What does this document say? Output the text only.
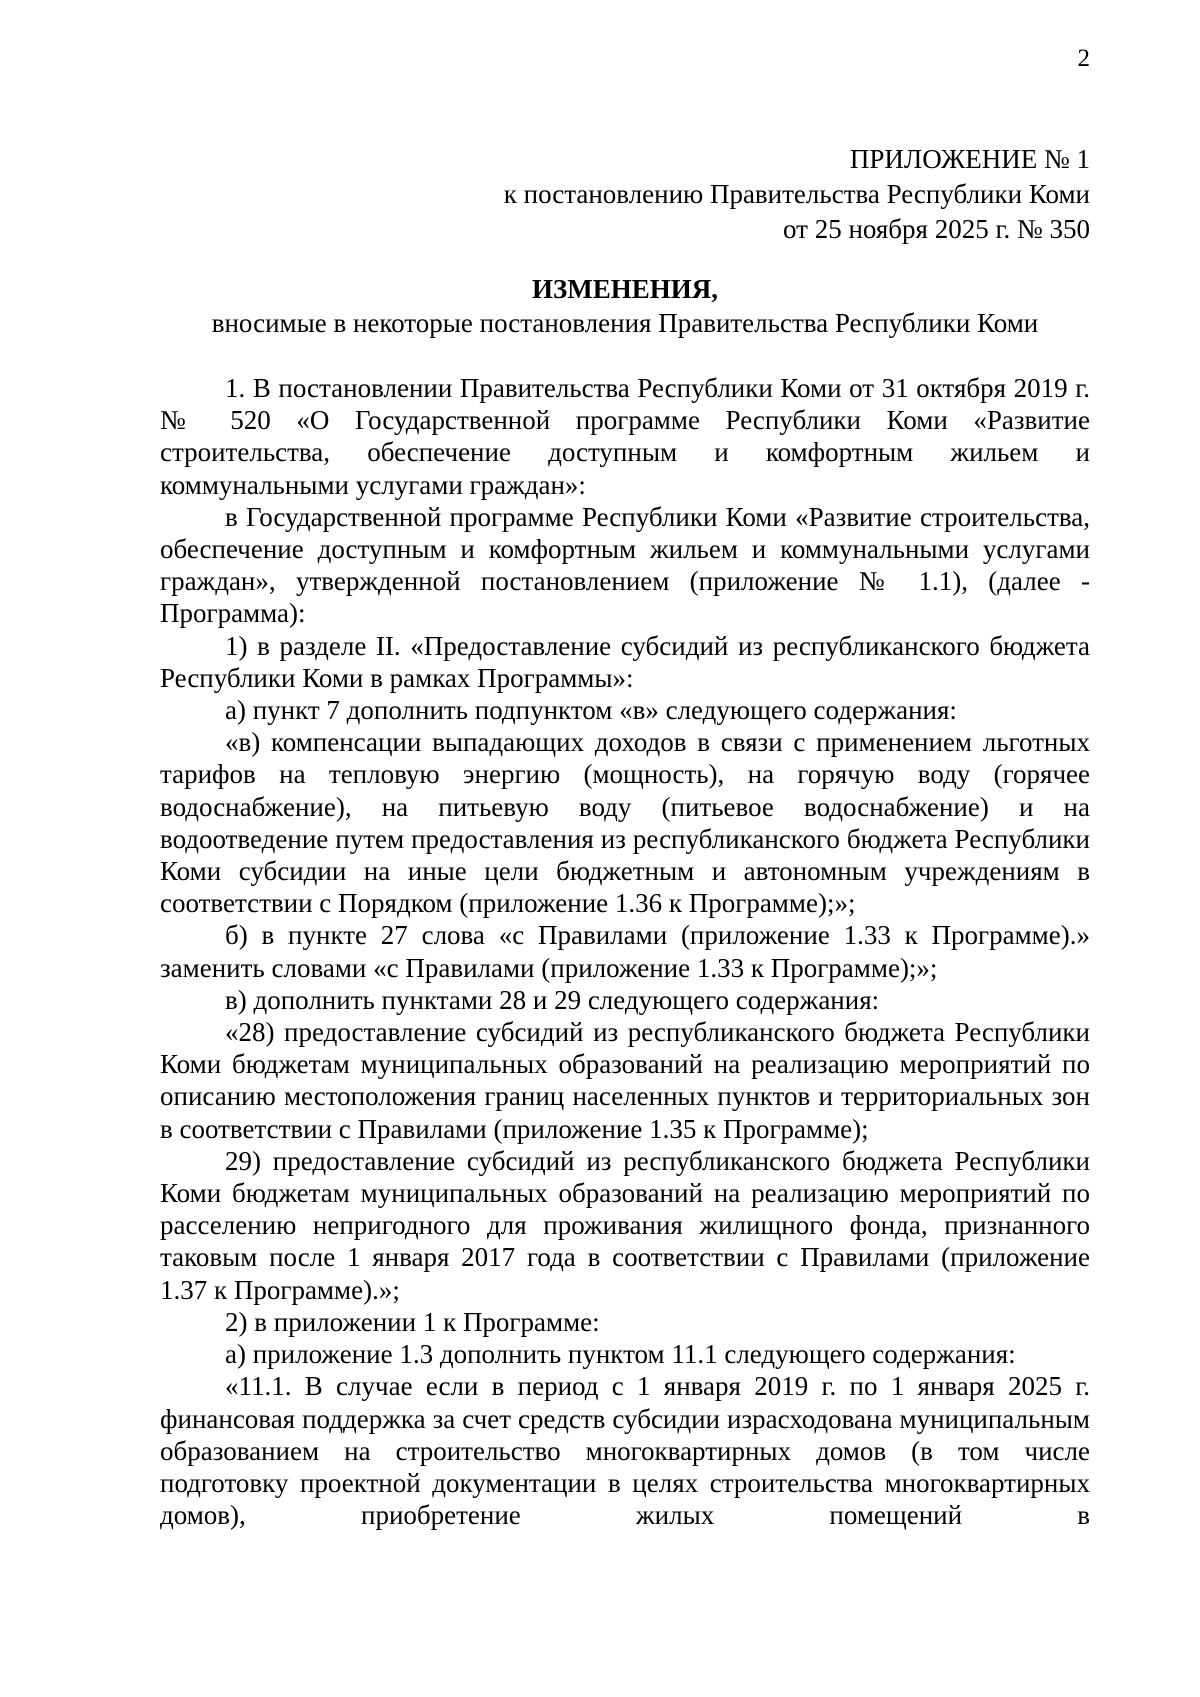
2
ПРИЛОЖЕНИЕ № 1
к постановлению Правительства Республики Коми
от 25 ноября 2025 г. № 350
ИЗМЕНЕНИЯ,
вносимые в некоторые постановления Правительства Республики Коми

1. В постановлении Правительства Республики Коми от 31 октября 2019 г. № 520 «О Государственной программе Республики Коми «Развитие строительства, обеспечение доступным и комфортным жильем и коммунальными услугами граждан»:

в Государственной программе Республики Коми «Развитие строительства, обеспечение доступным и комфортным жильем и коммунальными услугами граждан», утвержденной постановлением (приложение № 1.1), (далее - Программа):

1) в разделе II. «Предоставление субсидий из республиканского бюджета Республики Коми в рамках Программы»:

а) пункт 7 дополнить подпунктом «в» следующего содержания:

«в) компенсации выпадающих доходов в связи с применением льготных тарифов на тепловую энергию (мощность), на горячую воду (горячее водоснабжение), на питьевую воду (питьевое водоснабжение) и на водоотведение путем предоставления из республиканского бюджета Республики Коми субсидии на иные цели бюджетным и автономным учреждениям в соответствии с Порядком (приложение 1.36 к Программе);»;

б) в пункте 27 слова «с Правилами (приложение 1.33 к Программе).» заменить словами «с Правилами (приложение 1.33 к Программе);»;

в) дополнить пунктами 28 и 29 следующего содержания:

«28) предоставление субсидий из республиканского бюджета Республики Коми бюджетам муниципальных образований на реализацию мероприятий по описанию местоположения границ населенных пунктов и территориальных зон в соответствии с Правилами (приложение 1.35 к Программе);

29) предоставление субсидий из республиканского бюджета Республики Коми бюджетам муниципальных образований на реализацию мероприятий по расселению непригодного для проживания жилищного фонда, признанного таковым после 1 января 2017 года в соответствии с Правилами (приложение 1.37 к Программе).»;

2) в приложении 1 к Программе:

а) приложение 1.3 дополнить пунктом 11.1 следующего содержания:

«11.1. В случае если в период с 1 января 2019 г. по 1 января 2025 г. финансовая поддержка за счет средств субсидии израсходована муниципальным образованием на строительство многоквартирных домов (в том числе подготовку проектной документации в целях строительства многоквартирных домов), приобретение жилых помещений в
